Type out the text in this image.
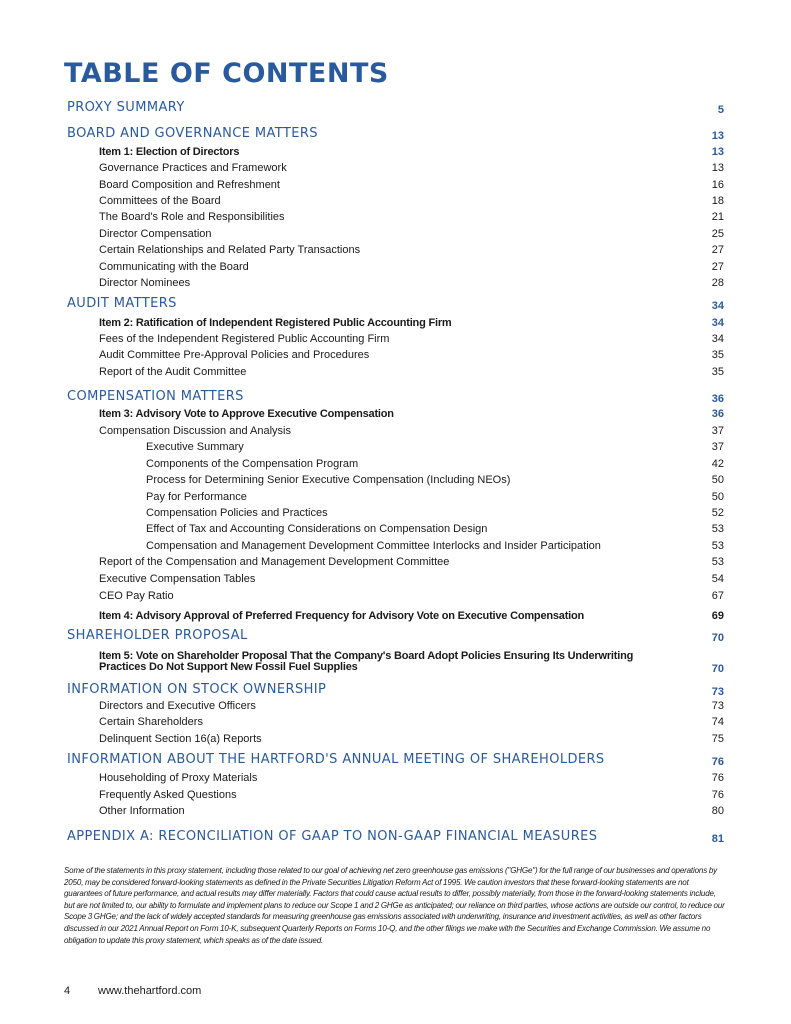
TABLE OF CONTENTS
PROXY SUMMARY	5
BOARD AND GOVERNANCE MATTERS	13
Item 1: Election of Directors	13
Governance Practices and Framework	13
Board Composition and Refreshment	16
Committees of the Board	18
The Board's Role and Responsibilities	21
Director Compensation	25
Certain Relationships and Related Party Transactions	27
Communicating with the Board	27
Director Nominees	28
AUDIT MATTERS	34
Item 2: Ratification of Independent Registered Public Accounting Firm	34
Fees of the Independent Registered Public Accounting Firm	34
Audit Committee Pre-Approval Policies and Procedures	35
Report of the Audit Committee	35
COMPENSATION MATTERS	36
Item 3: Advisory Vote to Approve Executive Compensation	36
Compensation Discussion and Analysis	37
Executive Summary	37
Components of the Compensation Program	42
Process for Determining Senior Executive Compensation (Including NEOs)	50
Pay for Performance	50
Compensation Policies and Practices	52
Effect of Tax and Accounting Considerations on Compensation Design	53
Compensation and Management Development Committee Interlocks and Insider Participation	53
Report of the Compensation and Management Development Committee	53
Executive Compensation Tables	54
CEO Pay Ratio	67
Item 4: Advisory Approval of Preferred Frequency for Advisory Vote on Executive Compensation	69
SHAREHOLDER PROPOSAL	70
Item 5: Vote on Shareholder Proposal That the Company's Board Adopt Policies Ensuring Its Underwriting
Practices Do Not Support New Fossil Fuel Supplies	70
INFORMATION ON STOCK OWNERSHIP	73
Directors and Executive Officers	73
Certain Shareholders	74
Delinquent Section 16(a) Reports	75
INFORMATION ABOUT THE HARTFORD'S ANNUAL MEETING OF SHAREHOLDERS	76
Householding of Proxy Materials	76
Frequently Asked Questions	76
Other Information	80
APPENDIX A: RECONCILIATION OF GAAP TO NON-GAAP FINANCIAL MEASURES	81

Some of the statements in this proxy statement, including those related to our goal of achieving net zero greenhouse gas emissions ("GHGe") for the full range of our businesses and operations by 2050, may be considered forward-looking statements as defined in the Private Securities Litigation Reform Act of 1995. We caution investors that these forward-looking statements are not guarantees of future performance, and actual results may differ materially. Factors that could cause actual results to differ, possibly materially, from those in the forward-looking statements include, but are not limited to, our ability to formulate and implement plans to reduce our Scope 1 and 2 GHGe as anticipated; our reliance on third parties, whose actions are outside our control, to reduce our Scope 3 GHGe; and the lack of widely accepted standards for measuring greenhouse gas emissions associated with underwriting, insurance and investment activities, as well as other factors discussed in our 2021 Annual Report on Form 10-K, subsequent Quarterly Reports on Forms 10-Q, and the other filings we make with the Securities and Exchange Commission. We assume no obligation to update this proxy statement, which speaks as of the date issued.

4	www.thehartford.com
